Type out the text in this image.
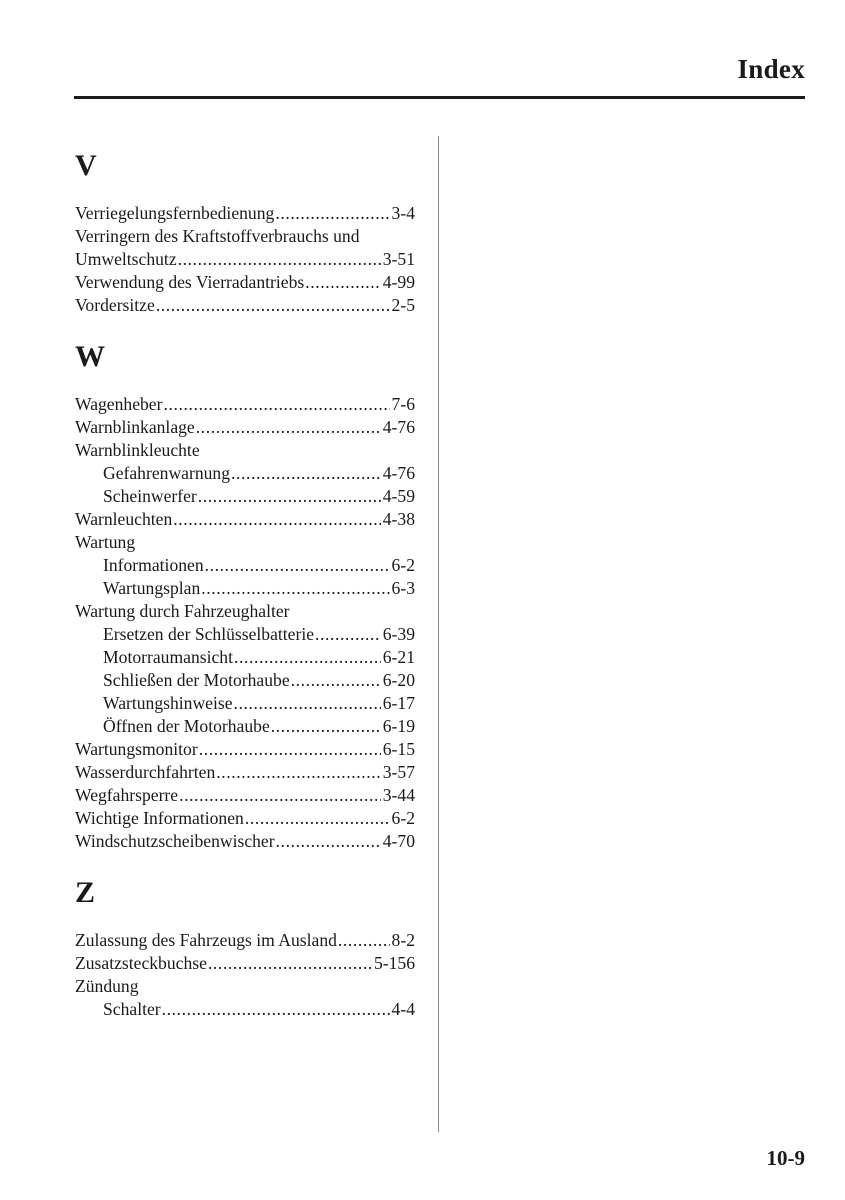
Index
V
Verriegelungsfernbedienung .....	3-4
Verringern des Kraftstoffverbrauchs und
Umweltschutz .....	3-51
Verwendung des Vierradantriebs .....	4-99
Vordersitze .....	2-5
W
Wagenheber .....	7-6
Warnblinkanlage .....	4-76
Warnblinkleuchte
Gefahrenwarnung .....	4-76
Scheinwerfer .....	4-59
Warnleuchten .....	4-38
Wartung
Informationen .....	6-2
Wartungsplan .....	6-3
Wartung durch Fahrzeughalter
Ersetzen der Schlüsselbatterie .....	6-39
Motorraumansicht .....	6-21
Schließen der Motorhaube .....	6-20
Wartungshinweise .....	6-17
Öffnen der Motorhaube .....	6-19
Wartungsmonitor .....	6-15
Wasserdurchfahrten .....	3-57
Wegfahrsperre .....	3-44
Wichtige Informationen .....	6-2
Windschutzscheibenwischer .....	4-70
Z
Zulassung des Fahrzeugs im Ausland .....	8-2
Zusatzsteckbuchse .....	5-156
Zündung
Schalter .....	4-4
10-9
